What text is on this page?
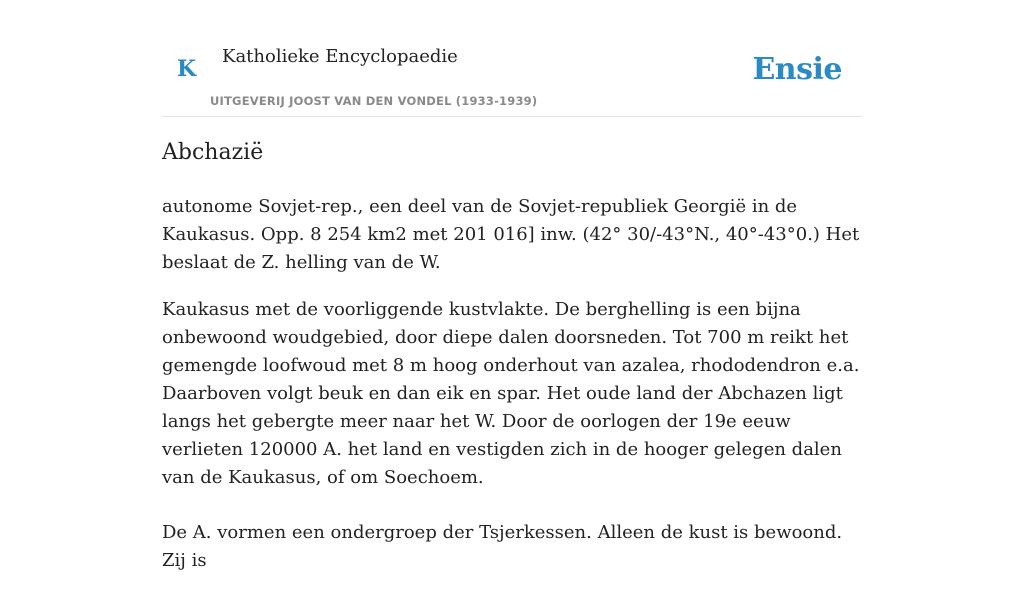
K Katholieke Encyclopaedie
UITGEVERIJ JOOST VAN DEN VONDEL (1933-1939)
Ensie
Abchazië

autonome Sovjet-rep., een deel van de Sovjet-republiek Georgië in de Kaukasus. Opp. 8 254 km2 met 201 016] inw. (42° 30/-43°N., 40°-43°0.) Het beslaat de Z. helling van de W.

Kaukasus met de voorliggende kustvlakte. De berghelling is een bijna onbewoond woudgebied, door diepe dalen doorsneden. Tot 700 m reikt het gemengde loofwoud met 8 m hoog onderhout van azalea, rhododendron e.a. Daarboven volgt beuk en dan eik en spar. Het oude land der Abchazen ligt langs het gebergte meer naar het W. Door de oorlogen der 19e eeuw verlieten 120000 A. het land en vestigden zich in de hooger gelegen dalen van de Kaukasus, of om Soechoem.

De A. vormen een ondergroep der Tsjerkessen. Alleen de kust is bewoond. Zij is
